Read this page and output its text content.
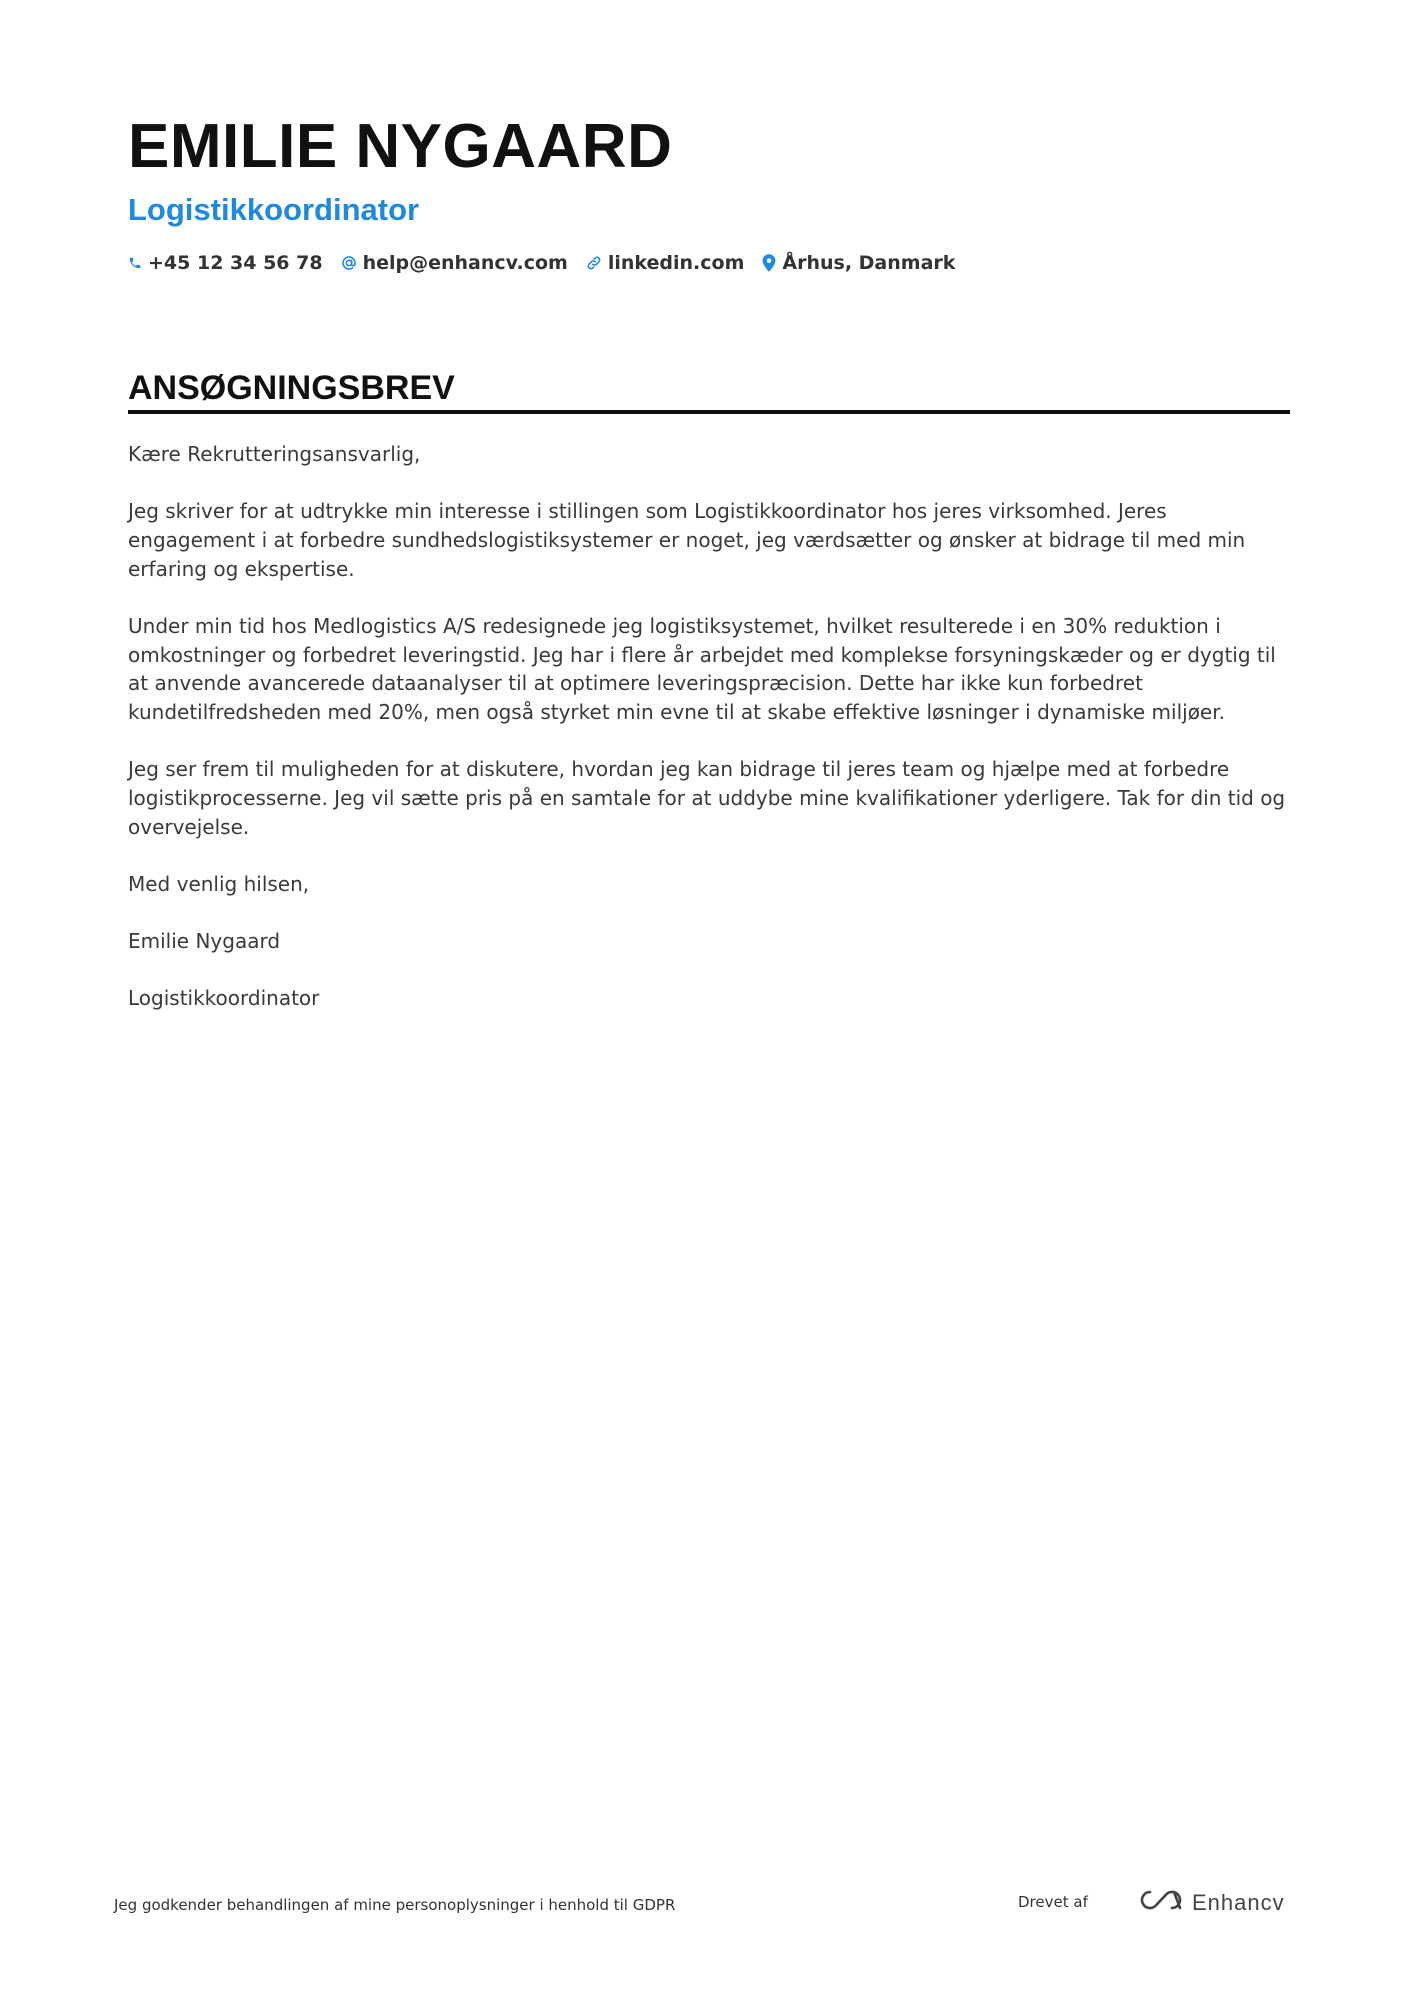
EMILIE NYGAARD
Logistikkoordinator
+45 12 34 56 78 help@enhancv.com linkedin.com Århus, Danmark
ANSØGNINGSBREV

Kære Rekrutteringsansvarlig,

Jeg skriver for at udtrykke min interesse i stillingen som Logistikkoordinator hos jeres virksomhed. Jeres engagement i at forbedre sundhedslogistiksystemer er noget, jeg værdsætter og ønsker at bidrage til med min erfaring og ekspertise.

Under min tid hos Medlogistics A/S redesignede jeg logistiksystemet, hvilket resulterede i en 30% reduktion i omkostninger og forbedret leveringstid. Jeg har i flere år arbejdet med komplekse forsyningskæder og er dygtig til at anvende avancerede dataanalyser til at optimere leveringspræcision. Dette har ikke kun forbedret kundetilfredsheden med 20%, men også styrket min evne til at skabe effektive løsninger i dynamiske miljøer.

Jeg ser frem til muligheden for at diskutere, hvordan jeg kan bidrage til jeres team og hjælpe med at forbedre logistikprocesserne. Jeg vil sætte pris på en samtale for at uddybe mine kvalifikationer yderligere. Tak for din tid og overvejelse.

Med venlig hilsen,

Emilie Nygaard

Logistikkoordinator

Jeg godkender behandlingen af mine personoplysninger i henhold til GDPR	Drevet af	Enhancv
